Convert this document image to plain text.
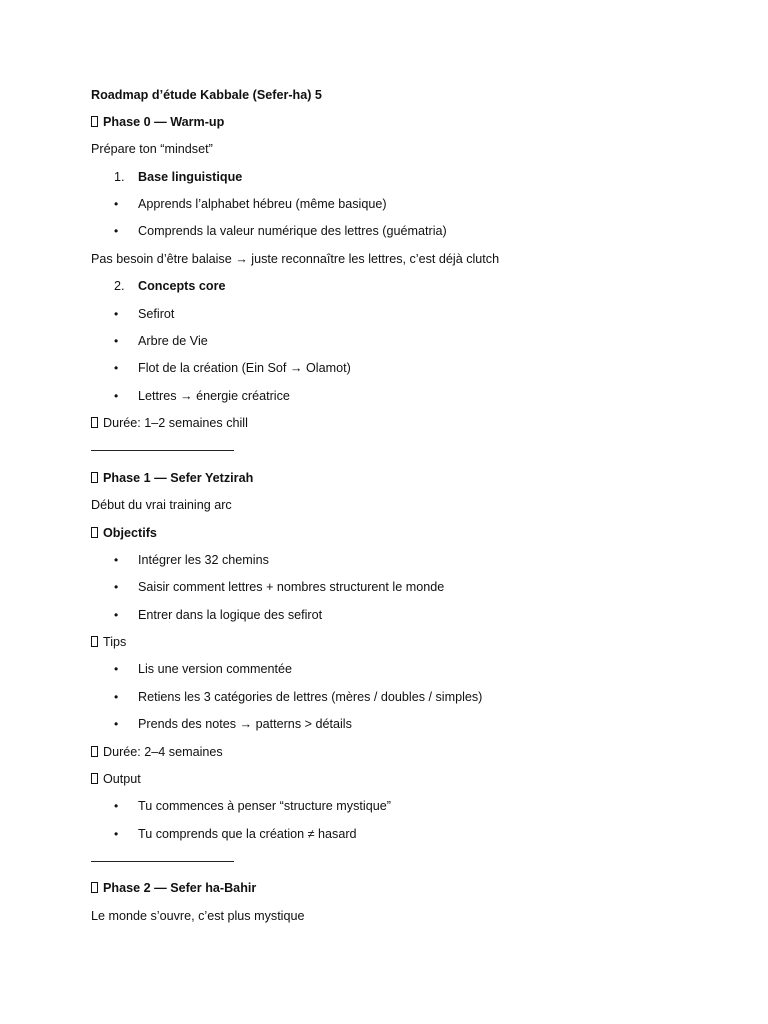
Roadmap d’étude Kabbale (Sefer-ha) 5
Phase 0 — Warm-up
Prépare ton “mindset”
1. Base linguistique
• Apprends l’alphabet hébreu (même basique)
• Comprends la valeur numérique des lettres (guématria)
Pas besoin d’être balaise → juste reconnaître les lettres, c’est déjà clutch
2. Concepts core
• Sefirot
• Arbre de Vie
• Flot de la création (Ein Sof → Olamot)
• Lettres → énergie créatrice
Durée: 1–2 semaines chill
Phase 1 — Sefer Yetzirah
Début du vrai training arc
Objectifs
• Intégrer les 32 chemins
• Saisir comment lettres + nombres structurent le monde
• Entrer dans la logique des sefirot
Tips
• Lis une version commentée
• Retiens les 3 catégories de lettres (mères / doubles / simples)
• Prends des notes → patterns > détails
Durée: 2–4 semaines
Output
• Tu commences à penser “structure mystique”
• Tu comprends que la création ≠ hasard
Phase 2 — Sefer ha-Bahir
Le monde s’ouvre, c’est plus mystique
